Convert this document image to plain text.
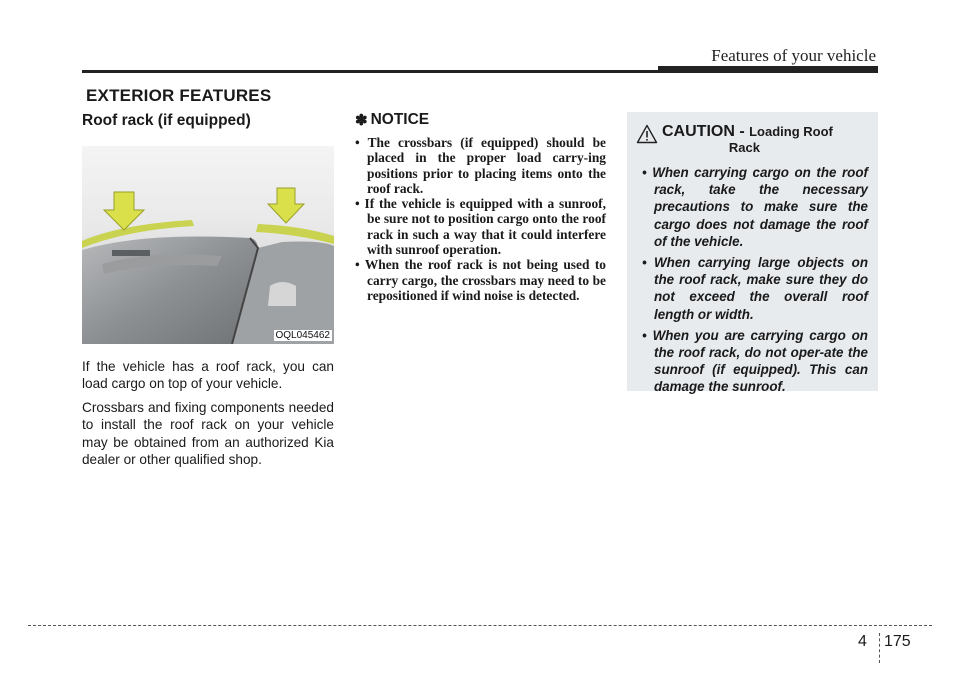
Features of your vehicle
EXTERIOR FEATURES
Roof rack (if equipped)
OQL045462

If the vehicle has a roof rack, you can load cargo on top of your vehicle.

Crossbars and fixing components needed to install the roof rack on your vehicle may be obtained from an authorized Kia dealer or other qualified shop.

✽ NOTICE
• The crossbars (if equipped) should be placed in the proper load carry-ing positions prior to placing items onto the roof rack.
• If the vehicle is equipped with a sunroof, be sure not to position cargo onto the roof rack in such a way that it could interfere with sunroof operation.
• When the roof rack is not being used to carry cargo, the crossbars may need to be repositioned if wind noise is detected.
CAUTION - Loading Roof
Rack
• When carrying cargo on the roof rack, take the necessary precautions to make sure the cargo does not damage the roof of the vehicle.
• When carrying large objects on the roof rack, make sure they do not exceed the overall roof length or width.
• When you are carrying cargo on the roof rack, do not oper-ate the sunroof (if equipped). This can damage the sunroof.
4 175
